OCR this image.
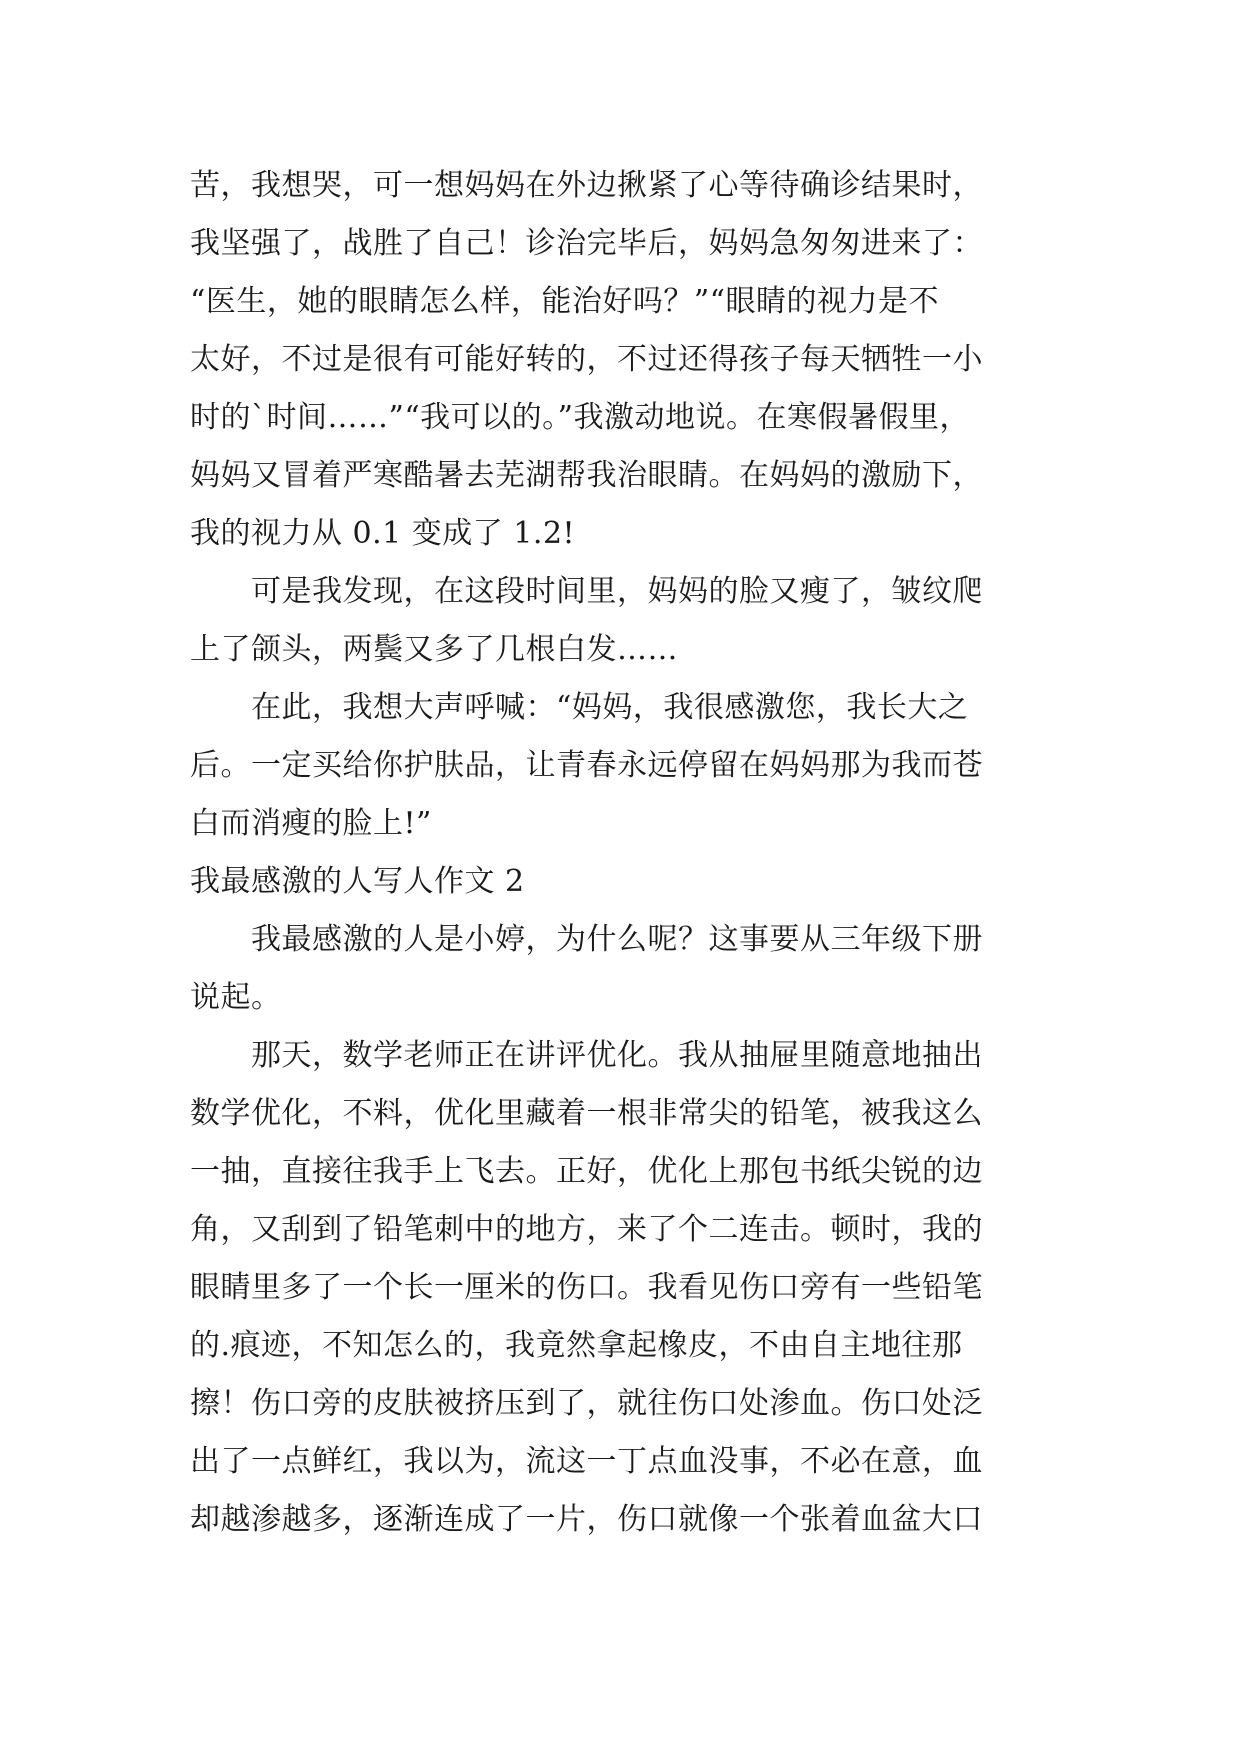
苦，我想哭，可一想妈妈在外边揪紧了心等待确诊结果时，
我坚强了，战胜了自己！诊治完毕后，妈妈急匆匆进来了：
“医生，她的眼睛怎么样，能治好吗？”“眼睛的视力是不
太好，不过是很有可能好转的，不过还得孩子每天牺牲一小
时的`时间……”“我可以的。”我激动地说。在寒假暑假里，
妈妈又冒着严寒酷暑去芜湖帮我治眼睛。在妈妈的激励下，
我的视力从 0.1 变成了 1.2!
　　可是我发现，在这段时间里，妈妈的脸又瘦了，皱纹爬
上了颌头，两鬓又多了几根白发……
　　在此，我想大声呼喊：“妈妈，我很感激您，我长大之
后。一定买给你护肤品，让青春永远停留在妈妈那为我而苍
白而消瘦的脸上!”
我最感激的人写人作文 2
　　我最感激的人是小婷，为什么呢？这事要从三年级下册
说起。
　　那天，数学老师正在讲评优化。我从抽屉里随意地抽出
数学优化，不料，优化里藏着一根非常尖的铅笔，被我这么
一抽，直接往我手上飞去。正好，优化上那包书纸尖锐的边
角，又刮到了铅笔刺中的地方，来了个二连击。顿时，我的
眼睛里多了一个长一厘米的伤口。我看见伤口旁有一些铅笔
的.痕迹，不知怎么的，我竟然拿起橡皮，不由自主地往那
擦！伤口旁的皮肤被挤压到了，就往伤口处渗血。伤口处泛
出了一点鲜红，我以为，流这一丁点血没事，不必在意，血
却越渗越多，逐渐连成了一片，伤口就像一个张着血盆大口
